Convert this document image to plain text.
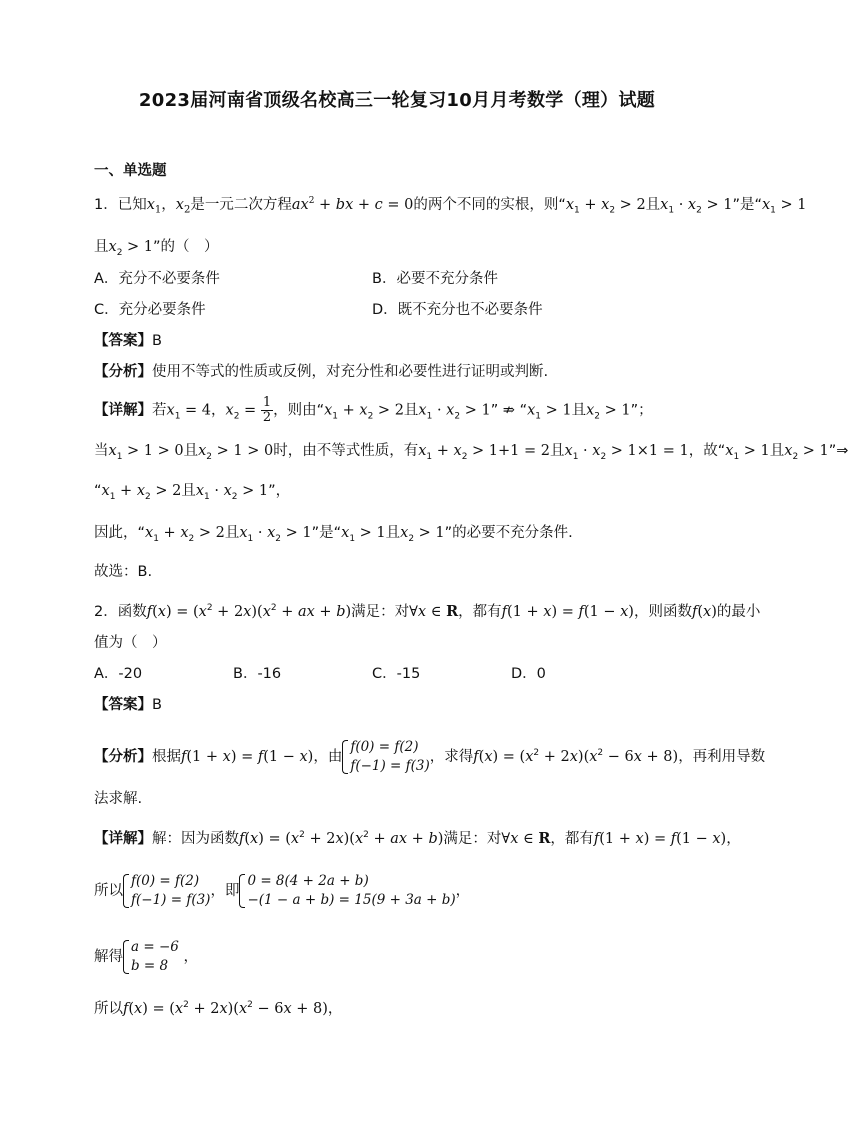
2023届河南省顶级名校高三一轮复习10月月考数学（理）试题
一、单选题
1．已知$x_1$，$x_2$是一元二次方程$ax^2$ + bx + c = 0的两个不同的实根，则“$x_1 + x_2 > 2$且$x_1 \cdot x_2 > 1$”是“$x_1 > 1$
且$x_2 > 1$”的（　）
A．充分不必要条件	B．必要不充分条件
C．充分必要条件	D．既不充分也不必要条件
【答案】B
【分析】使用不等式的性质或反例，对充分性和必要性进行证明或判断.
【详解】若$x_1 = 4$，$x_2 = \frac{1}{2}$ ，则由“$x_1 + x_2 > 2$且$x_1 \cdot x_2 > 1$” ⇏ “$x_1 > 1$且$x_2 > 1$”；
当$x_1 > 1 > 0$且$x_2 > 1 > 0$时，由不等式性质，有$x_1 + x_2 > 1+1 = 2$且$x_1 \cdot x_2 > 1\times 1 = 1$，故“$x_1 > 1$且$x_2$ > 1”⇒
“$x_1 + x_2 > 2$且$x_1 \cdot x_2 > 1$”，
因此，“$x_1 + x_2 > 2$且$x_1 \cdot x_2 > 1$”是“$x_1 > 1$且$x_2 > 1$”的必要不充分条件.
故选：B.
2．函数$f(x) = (x^2 + 2x)(x^2$ + ax + b)满足：对∀x ∈ R，都有f(1 + x) = f(1 − x)，则函数f(x)的最小
值为（　）
A．-20	B．-16	C．-15	D．0
【答案】B
【分析】根据f(1 + x) = f(1 − x)，由
f(0) = f(2)
f(−1) = f(3)
，求得$f(x) = (x^2 + 2x)(x^2 - 6x + 8)$，再利用导数
法求解.
【详解】解：因为函数$f(x) = (x^2 + 2x)(x^2$ + ax + b)满足：对∀x ∈ R，都有f(1 + x) = f(1 − x)，
所以
f(0) = f(2)
f(−1) = f(3)
，即
0 = 8(4 + 2a + b)
−(1 − a + b) = 15(9 + 3a + b)
，
解得
a = −6
b = 8
，
所以$f(x) = (x^2 + 2x)(x^2 - 6x + 8)$，
